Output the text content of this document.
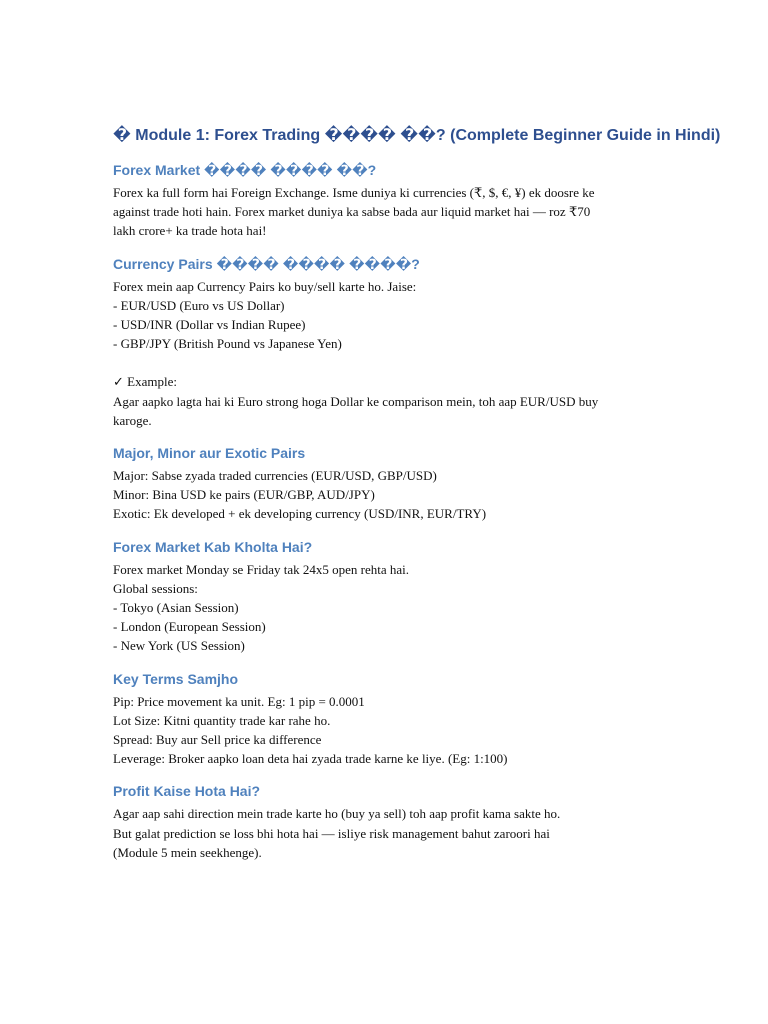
� Module 1: Forex Trading ���� ��? (Complete Beginner Guide in Hindi)
Forex Market ���� ���� ��?

Forex ka full form hai Foreign Exchange. Isme duniya ki currencies (₹, $, €, ¥) ek doosre ke
against trade hoti hain. Forex market duniya ka sabse bada aur liquid market hai — roz ₹70
lakh crore+ ka trade hota hai!

Currency Pairs ���� ���� ����?

Forex mein aap Currency Pairs ko buy/sell karte ho. Jaise:
- EUR/USD (Euro vs US Dollar)
- USD/INR (Dollar vs Indian Rupee)
- GBP/JPY (British Pound vs Japanese Yen)

✓ Example:
Agar aapko lagta hai ki Euro strong hoga Dollar ke comparison mein, toh aap EUR/USD buy
karoge.

Major, Minor aur Exotic Pairs

Major: Sabse zyada traded currencies (EUR/USD, GBP/USD)
Minor: Bina USD ke pairs (EUR/GBP, AUD/JPY)
Exotic: Ek developed + ek developing currency (USD/INR, EUR/TRY)

Forex Market Kab Kholta Hai?

Forex market Monday se Friday tak 24x5 open rehta hai.
Global sessions:
- Tokyo (Asian Session)
- London (European Session)
- New York (US Session)

Key Terms Samjho

Pip: Price movement ka unit. Eg: 1 pip = 0.0001
Lot Size: Kitni quantity trade kar rahe ho.
Spread: Buy aur Sell price ka difference
Leverage: Broker aapko loan deta hai zyada trade karne ke liye. (Eg: 1:100)

Profit Kaise Hota Hai?

Agar aap sahi direction mein trade karte ho (buy ya sell) toh aap profit kama sakte ho.
But galat prediction se loss bhi hota hai — isliye risk management bahut zaroori hai
(Module 5 mein seekhenge).
